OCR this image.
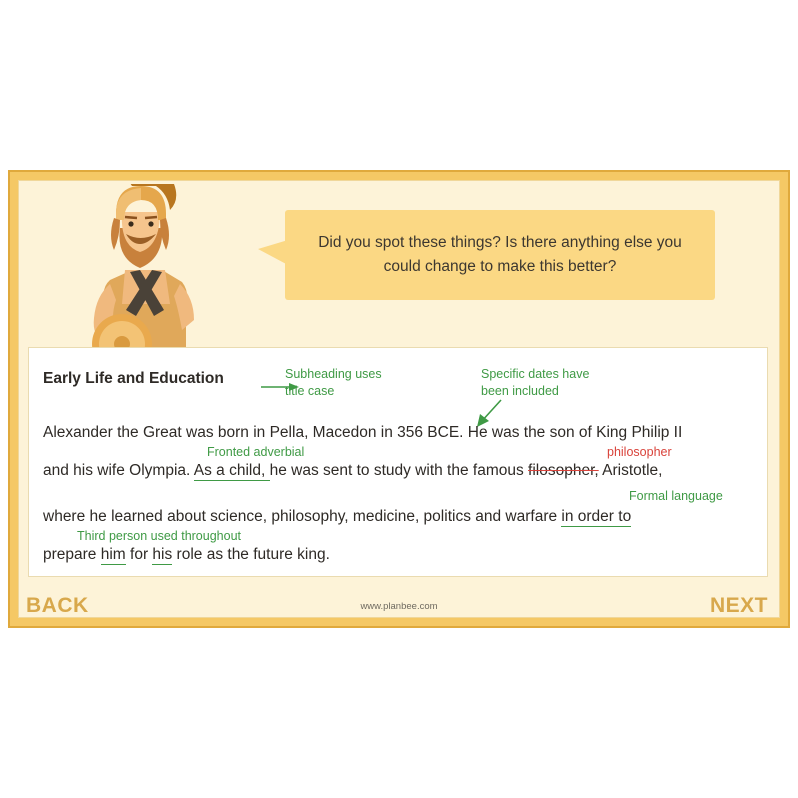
Did you spot these things? Is there anything else you could change to make this better?
Early Life and Education	Subheading uses
title case
Specific dates have
been included
Alexander the Great was born in Pella, Macedon in 356 BCE. He was the son of King Philip II
Fronted adverbial	philosopher
and his wife Olympia. As a child, he was sent to study with the famous filosopher, Aristotle,
Formal language
where he learned about science, philosophy, medicine, politics and warfare in order to
Third person used throughout
prepare him for his role as the future king.
BACK	NEXT
www.planbee.com
